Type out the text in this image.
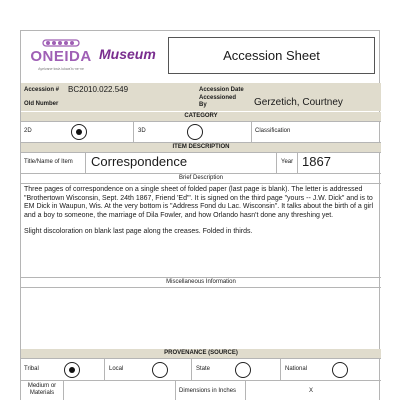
ONEIDA
Ayelvane·kwiʌ lukwaʼtʌ·ne·ne
Museum	Accession Sheet
Accession # BC2010.022.549	Accession Date
Old Number
Accessioned By	Gerzetich, Courtney
CATEGORY
2D	3D	Classification
ITEM DESCRIPTION
Title/Name of Item Correspondence	Year 1867
Brief Description

Three pages of correspondence on a single sheet of folded paper (last page is blank). The letter is addressed "Brothertown Wisconsin, Sept. 24th 1867, Friend 'Ed'". It is signed on the third page "yours -- J.W. Dick" and is to EM Dick in Waupun, Wis. At the very bottom is "Address Fond du Lac. Wisconsin". It talks about the birth of a girl and a boy to someone, the marriage of Dila Fowler, and how Orlando hasn't done any threshing yet.

Slight discoloration on blank last page along the creases. Folded in thirds.

Miscellaneous Information
PROVENANCE (SOURCE)
Tribal	Local	State	National
Medium or Materials	Dimensions in Inches	X
